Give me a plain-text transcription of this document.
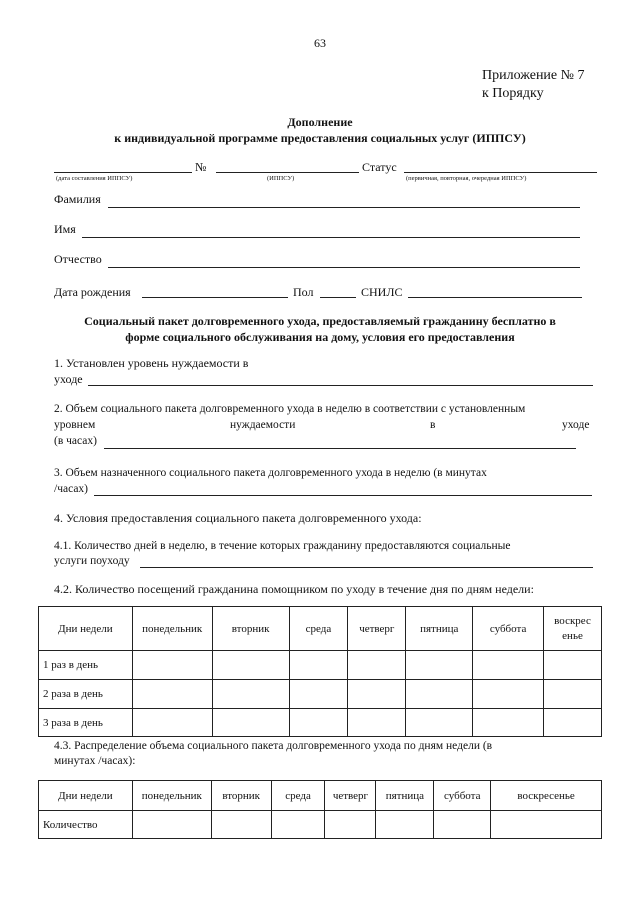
63
Приложение № 7
к Порядку
Дополнение
к индивидуальной программе предоставления социальных услуг (ИППСУ)
№	Статус
(дата составления ИППСУ)	(ИППСУ)	(первичная, повторная, очередная ИППСУ)
Фамилия
Имя
Отчество
Дата рождения	Пол	СНИЛС
Социальный пакет долговременного ухода, предоставляемый гражданину бесплатно в
форме социального обслуживания на дому, условия его предоставления
1. Установлен уровень нуждаемости в
уходе
2. Объем социального пакета долговременного ухода в неделю в соответствии с установленным
уровнем	нуждаемости	в	уходе
(в часах)
3. Объем назначенного социального пакета долговременного ухода в неделю (в минутах
/часах)
4. Условия предоставления социального пакета долговременного ухода:
4.1. Количество дней в неделю, в течение которых гражданину предоставляются социальные
услуги поуходу
4.2. Количество посещений гражданина помощником по уходу в течение дня по дням недели:
Дни недели	понедельник	вторник	среда	четверг	пятница	суббота	воскрес
енье
1 раз в день							
2 раза в день							
3 раза в день							
4.3. Распределение объема социального пакета долговременного ухода по дням недели (в
минутах /часах):
Дни недели	понедельник	вторник	среда	четверг	пятница	суббота	воскресенье
Количество							
